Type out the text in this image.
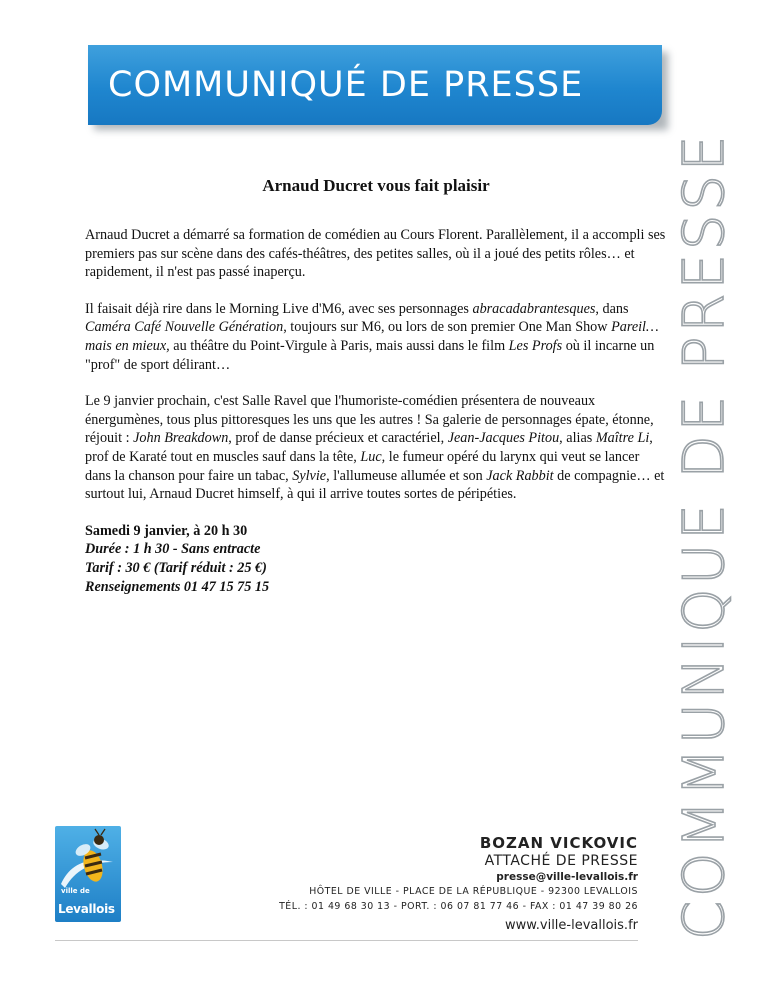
COMMUNIQUÉ DE PRESSE
COMMUNIQUE DE PRESSE
Arnaud Ducret vous fait plaisir

Arnaud Ducret a démarré sa formation de comédien au Cours Florent. Parallèlement, il a accompli ses premiers pas sur scène dans des cafés-théâtres, des petites salles, où il a joué des petits rôles… et rapidement, il n'est pas passé inaperçu.

Il faisait déjà rire dans le Morning Live d'M6, avec ses personnages abracadabrantesques, dans Caméra Café Nouvelle Génération, toujours sur M6, ou lors de son premier One Man Show Pareil…mais en mieux, au théâtre du Point-Virgule à Paris, mais aussi dans le film Les Profs où il incarne un "prof" de sport délirant…

Le 9 janvier prochain, c'est Salle Ravel que l'humoriste-comédien présentera de nouveaux énergumènes, tous plus pittoresques les uns que les autres ! Sa galerie de personnages épate, étonne, réjouit : John Breakdown, prof de danse précieux et caractériel, Jean-Jacques Pitou, alias Maître Li, prof de Karaté tout en muscles sauf dans la tête, Luc, le fumeur opéré du larynx qui veut se lancer dans la chanson pour faire un tabac, Sylvie, l'allumeuse allumée et son Jack Rabbit de compagnie… et surtout lui, Arnaud Ducret himself, à qui il arrive toutes sortes de péripéties.

Samedi 9 janvier, à 20 h 30
Durée : 1 h 30 - Sans entracte
Tarif : 30 € (Tarif réduit : 25 €)
Renseignements 01 47 15 75 15
ville de
Levallois
BOZAN VICKOVIC
ATTACHÉ DE PRESSE
presse@ville-levallois.fr
HÔTEL DE VILLE - PLACE DE LA RÉPUBLIQUE - 92300 LEVALLOIS
TÉL. : 01 49 68 30 13 - PORT. : 06 07 81 77 46 - FAX : 01 47 39 80 26
www.ville-levallois.fr
